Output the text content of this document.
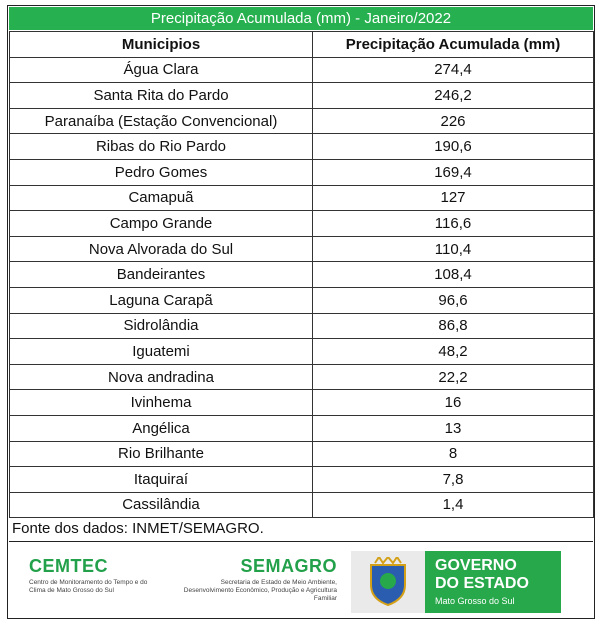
Precipitação Acumulada (mm) - Janeiro/2022
Municipios	Precipitação Acumulada (mm)
Água Clara	274,4
Santa Rita do Pardo	246,2
Paranaíba (Estação Convencional)	226
Ribas do Rio Pardo	190,6
Pedro Gomes	169,4
Camapuã	127
Campo Grande	116,6
Nova Alvorada do Sul	110,4
Bandeirantes	108,4
Laguna Carapã	96,6
Sidrolândia	86,8
Iguatemi	48,2
Nova andradina	22,2
Ivinhema	16
Angélica	13
Rio Brilhante	8
Itaquiraí	7,8
Cassilândia	1,4
Fonte dos dados: INMET/SEMAGRO.
CEMTEC
Centro de Monitoramento do Tempo e do Clima de Mato Grosso do Sul
SEMAGRO
Secretaria de Estado de Meio Ambiente, Desenvolvimento Econômico, Produção e Agricultura Familiar
GOVERNO
DO ESTADO
Mato Grosso do Sul
